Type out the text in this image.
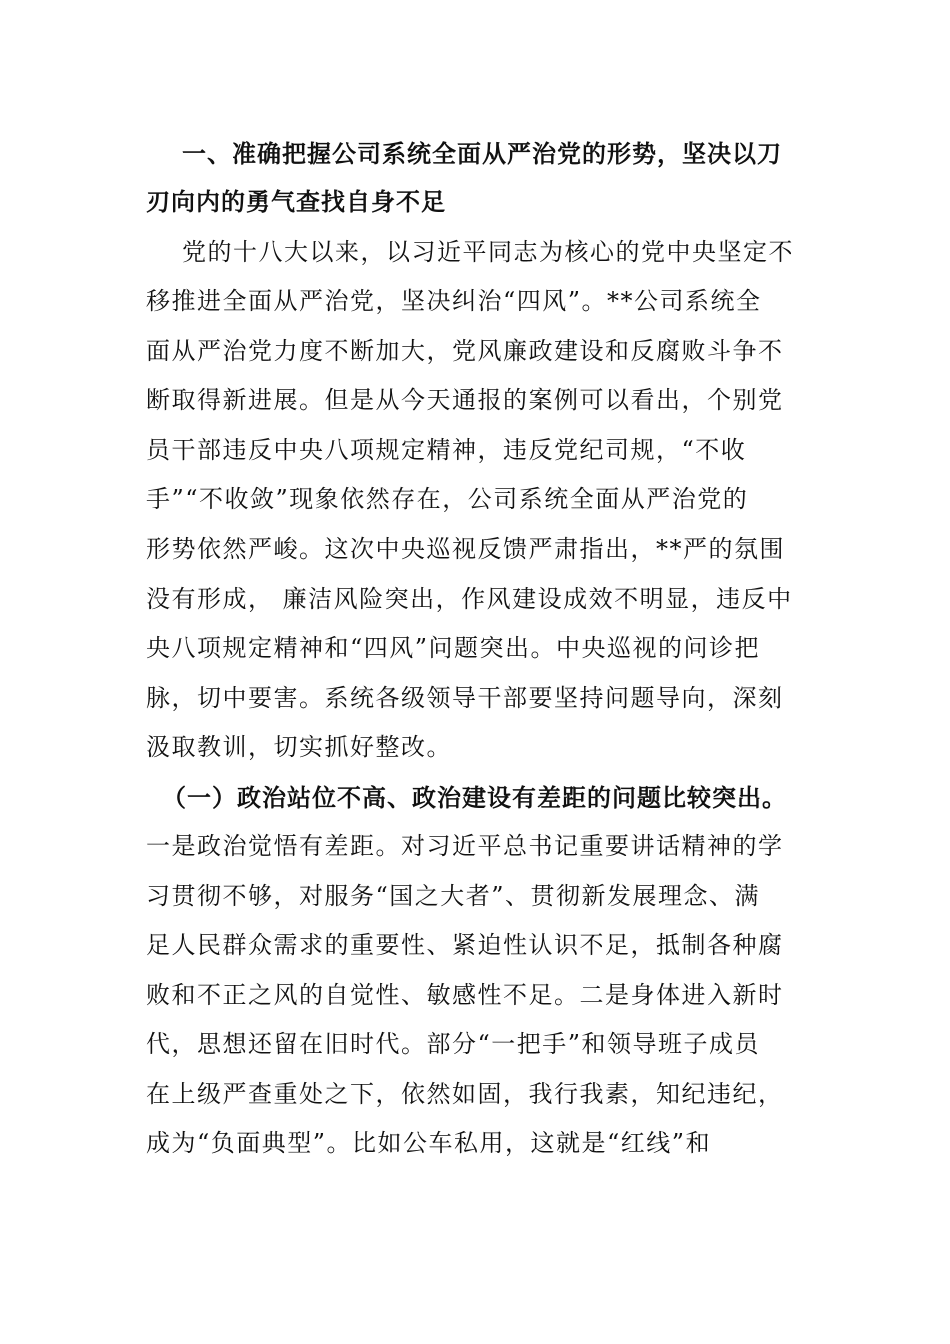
一、准确把握公司系统全面从严治党的形势，坚决以刀
刃向内的勇气查找自身不足
党的十八大以来，以习近平同志为核心的党中央坚定不
移推进全面从严治党，坚决纠治“四风”。**公司系统全
面从严治党力度不断加大，党风廉政建设和反腐败斗争不
断取得新进展。但是从今天通报的案例可以看出，个别党
员干部违反中央八项规定精神，违反党纪司规，“不收
手”“不收敛”现象依然存在，公司系统全面从严治党的
形势依然严峻。这次中央巡视反馈严肃指出，**严的氛围
没有形成， 廉洁风险突出，作风建设成效不明显，违反中
央八项规定精神和“四风”问题突出。中央巡视的问诊把
脉，切中要害。系统各级领导干部要坚持问题导向，深刻
汲取教训，切实抓好整改。
（一）政治站位不高、政治建设有差距的问题比较突出。
一是政治觉悟有差距。对习近平总书记重要讲话精神的学
习贯彻不够，对服务“国之大者”、贯彻新发展理念、满
足人民群众需求的重要性、紧迫性认识不足，抵制各种腐
败和不正之风的自觉性、敏感性不足。二是身体进入新时
代，思想还留在旧时代。部分“一把手”和领导班子成员
在上级严查重处之下，依然如固，我行我素，知纪违纪，
成为“负面典型”。比如公车私用，这就是“红线”和
